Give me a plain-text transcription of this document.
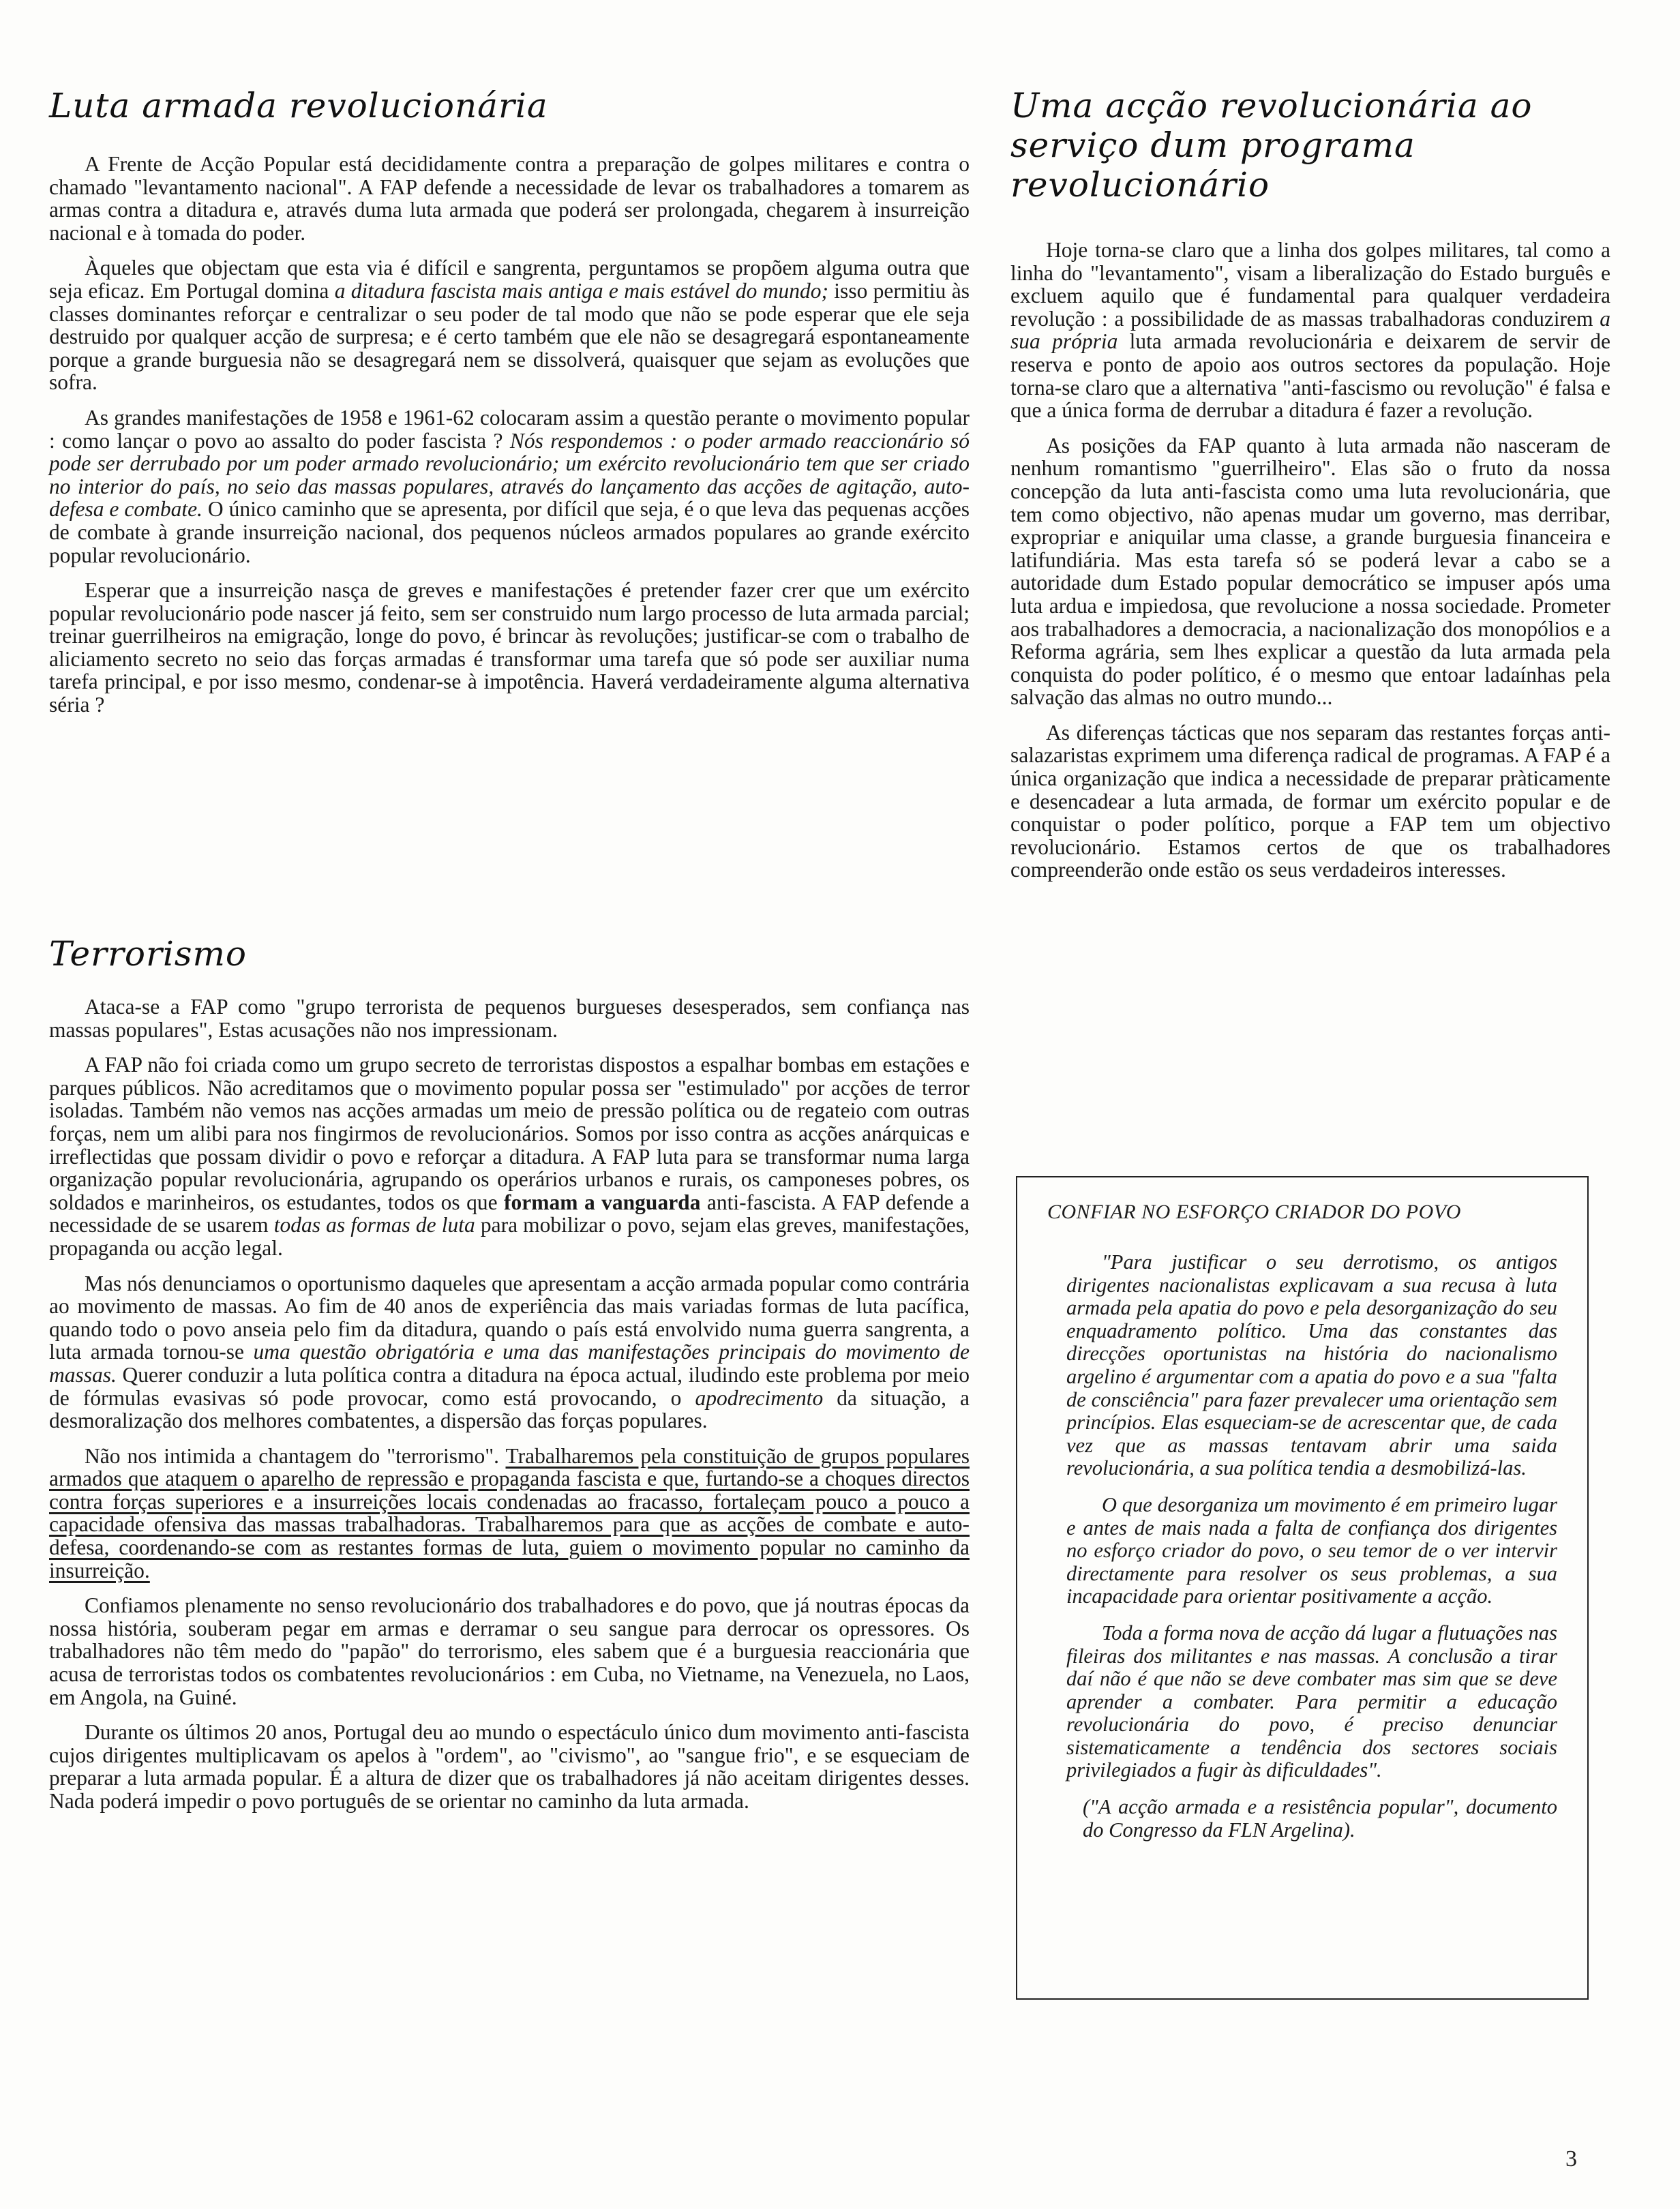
Luta armada revolucionária

A Frente de Acção Popular está decididamente contra a preparação de golpes militares e contra o chamado "levantamento nacional". A FAP defende a necessidade de levar os trabalhadores a tomarem as armas contra a ditadura e, através duma luta armada que poderá ser prolongada, chegarem à insurreição nacional e à tomada do poder.

Àqueles que objectam que esta via é difícil e sangrenta, perguntamos se propõem alguma outra que seja eficaz. Em Portugal domina a ditadura fascista mais antiga e mais estável do mundo; isso permitiu às classes dominantes reforçar e centralizar o seu poder de tal modo que não se pode esperar que ele seja destruido por qualquer acção de surpresa; e é certo também que ele não se desagregará espontaneamente porque a grande burguesia não se desagregará nem se dissolverá, quaisquer que sejam as evoluções que sofra.

As grandes manifestações de 1958 e 1961-62 colocaram assim a questão perante o movimento popular : como lançar o povo ao assalto do poder fascista ? Nós respondemos : o poder armado reaccionário só pode ser derrubado por um poder armado revolucionário; um exército revolucionário tem que ser criado no interior do país, no seio das massas populares, através do lançamento das acções de agitação, auto-defesa e combate. O único caminho que se apresenta, por difícil que seja, é o que leva das pequenas acções de combate à grande insurreição nacional, dos pequenos núcleos armados populares ao grande exército popular revolucionário.

Esperar que a insurreição nasça de greves e manifestações é pretender fazer crer que um exército popular revolucionário pode nascer já feito, sem ser construido num largo processo de luta armada parcial; treinar guerrilheiros na emigração, longe do povo, é brincar às revoluções; justificar-se com o trabalho de aliciamento secreto no seio das forças armadas é transformar uma tarefa que só pode ser auxiliar numa tarefa principal, e por isso mesmo, condenar-se à impotência. Haverá verdadeiramente alguma alternativa séria ?

Terrorismo

Ataca-se a FAP como "grupo terrorista de pequenos burgueses desesperados, sem confiança nas massas populares", Estas acusações não nos impressionam.

A FAP não foi criada como um grupo secreto de terroristas dispostos a espalhar bombas em estações e parques públicos. Não acreditamos que o movimento popular possa ser "estimulado" por acções de terror isoladas. Também não vemos nas acções armadas um meio de pressão política ou de regateio com outras forças, nem um alibi para nos fingirmos de revolucionários. Somos por isso contra as acções anárquicas e irreflectidas que possam dividir o povo e reforçar a ditadura. A FAP luta para se transformar numa larga organização popular revolucionária, agrupando os operários urbanos e rurais, os camponeses pobres, os soldados e marinheiros, os estudantes, todos os que formam a vanguarda anti-fascista. A FAP defende a necessidade de se usarem todas as formas de luta para mobilizar o povo, sejam elas greves, manifestações, propaganda ou acção legal.

Mas nós denunciamos o oportunismo daqueles que apresentam a acção armada popular como contrária ao movimento de massas. Ao fim de 40 anos de experiência das mais variadas formas de luta pacífica, quando todo o povo anseia pelo fim da ditadura, quando o país está envolvido numa guerra sangrenta, a luta armada tornou-se uma questão obrigatória e uma das manifestações principais do movimento de massas. Querer conduzir a luta política contra a ditadura na época actual, iludindo este problema por meio de fórmulas evasivas só pode provocar, como está provocando, o apodrecimento da situação, a desmoralização dos melhores combatentes, a dispersão das forças populares.

Não nos intimida a chantagem do "terrorismo". Trabalharemos pela constituição de grupos populares armados que ataquem o aparelho de repressão e propaganda fascista e que, furtando-se a choques directos contra forças superiores e a insurreições locais condenadas ao fracasso, fortaleçam pouco a pouco a capacidade ofensiva das massas trabalhadoras. Trabalharemos para que as acções de combate e auto-defesa, coordenando-se com as restantes formas de luta, guiem o movimento popular no caminho da insurreição.

Confiamos plenamente no senso revolucionário dos trabalhadores e do povo, que já noutras épocas da nossa história, souberam pegar em armas e derramar o seu sangue para derrocar os opressores. Os trabalhadores não têm medo do "papão" do terrorismo, eles sabem que é a burguesia reaccionária que acusa de terroristas todos os combatentes revolucionários : em Cuba, no Vietname, na Venezuela, no Laos, em Angola, na Guiné.

Durante os últimos 20 anos, Portugal deu ao mundo o espectáculo único dum movimento anti-fascista cujos dirigentes multiplicavam os apelos à "ordem", ao "civismo", ao "sangue frio", e se esqueciam de preparar a luta armada popular. É a altura de dizer que os trabalhadores já não aceitam dirigentes desses. Nada poderá impedir o povo português de se orientar no caminho da luta armada.

Uma acção revolucionária ao serviço dum programa revolucionário

Hoje torna-se claro que a linha dos golpes militares, tal como a linha do "levantamento", visam a liberalização do Estado burguês e excluem aquilo que é fundamental para qualquer verdadeira revolução : a possibilidade de as massas trabalhadoras conduzirem a sua própria luta armada revolucionária e deixarem de servir de reserva e ponto de apoio aos outros sectores da população. Hoje torna-se claro que a alternativa "anti-fascismo ou revolução" é falsa e que a única forma de derrubar a ditadura é fazer a revolução.

As posições da FAP quanto à luta armada não nasceram de nenhum romantismo "guerrilheiro". Elas são o fruto da nossa concepção da luta anti-fascista como uma luta revolucionária, que tem como objectivo, não apenas mudar um governo, mas derribar, expropriar e aniquilar uma classe, a grande burguesia financeira e latifundiária. Mas esta tarefa só se poderá levar a cabo se a autoridade dum Estado popular democrático se impuser após uma luta ardua e impiedosa, que revolucione a nossa sociedade. Prometer aos trabalhadores a democracia, a nacionalização dos monopólios e a Reforma agrária, sem lhes explicar a questão da luta armada pela conquista do poder político, é o mesmo que entoar ladaínhas pela salvação das almas no outro mundo...

As diferenças tácticas que nos separam das restantes forças anti-salazaristas exprimem uma diferença radical de programas. A FAP é a única organização que indica a necessidade de preparar pràticamente e desencadear a luta armada, de formar um exército popular e de conquistar o poder político, porque a FAP tem um objectivo revolucionário. Estamos certos de que os trabalhadores compreenderão onde estão os seus verdadeiros interesses.

CONFIAR NO ESFORÇO CRIADOR DO POVO

"Para justificar o seu derrotismo, os antigos dirigentes nacionalistas explicavam a sua recusa à luta armada pela apatia do povo e pela desorganização do seu enquadramento político. Uma das constantes das direcções oportunistas na história do nacionalismo argelino é argumentar com a apatia do povo e a sua "falta de consciência" para fazer prevalecer uma orientação sem princípios. Elas esqueciam-se de acrescentar que, de cada vez que as massas tentavam abrir uma saida revolucionária, a sua política tendia a desmobilizá-las.

O que desorganiza um movimento é em primeiro lugar e antes de mais nada a falta de confiança dos dirigentes no esforço criador do povo, o seu temor de o ver intervir directamente para resolver os seus problemas, a sua incapacidade para orientar positivamente a acção.

Toda a forma nova de acção dá lugar a flutuações nas fileiras dos militantes e nas massas. A conclusão a tirar daí não é que não se deve combater mas sim que se deve aprender a combater. Para permitir a educação revolucionária do povo, é preciso denunciar sistematicamente a tendência dos sectores sociais privilegiados a fugir às dificuldades".

("A acção armada e a resistência popular", documento do Congresso da FLN Argelina).

3
